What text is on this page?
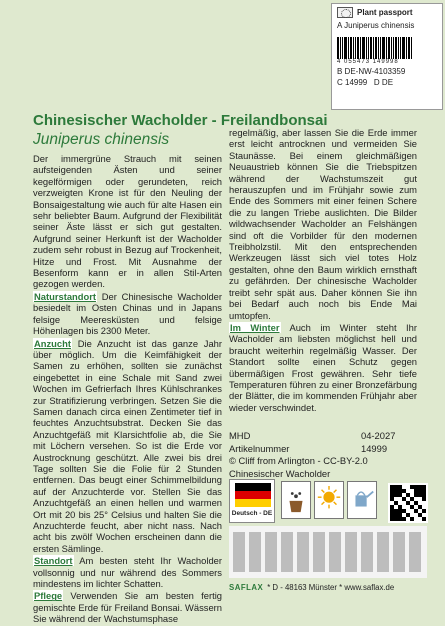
Plant passport
A Juniperus chinensis
4 055473 149998
B DE-NW-4103359
C 14999 D DE
Chinesischer Wacholder - Freilandbonsai
Juniperus chinensis

Der immergrüne Strauch mit seinen aufsteigenden Ästen und seiner kegelförmigen oder gerundeten, reich verzweigten Krone ist für den Neuling der Bonsaigestaltung wie auch für alte Hasen ein sehr beliebter Baum. Aufgrund der Flexibilität seiner Äste lässt er sich gut gestalten. Aufgrund seiner Herkunft ist der Wacholder zudem sehr robust in Bezug auf Trockenheit, Hitze und Frost. Mit Ausnahme der Besenform kann er in allen Stil-Arten gezogen werden.

Naturstandort Der Chinesische Wacholder besiedelt im Osten Chinas und in Japans felsige Meeresküsten und felsige Höhenlagen bis 2300 Meter.

Anzucht Die Anzucht ist das ganze Jahr über möglich. Um die Keimfähigkeit der Samen zu erhöhen, sollten sie zunächst eingebettet in eine Schale mit Sand zwei Wochen im Gefrierfach Ihres Kühlschrankes zur Stratifizierung verbringen. Setzen Sie die Samen danach circa einen Zentimeter tief in feuchtes Anzuchtsubstrat. Decken Sie das Anzuchtgefäß mit Klarsichtfolie ab, die Sie mit Löchern versehen. So ist die Erde vor Austrocknung geschützt. Alle zwei bis drei Tage sollten Sie die Folie für 2 Stunden entfernen. Das beugt einer Schimmelbildung auf der Anzuchterde vor. Stellen Sie das Anzuchtgefäß an einen hellen und warmen Ort mit 20 bis 25° Celsius und halten Sie die Anzuchterde feucht, aber nicht nass. Nach acht bis zwölf Wochen erscheinen dann die ersten Sämlinge.

Standort Am besten steht Ihr Wacholder vollsonnig und nur während des Sommers mindestens im lichter Schatten.

Pflege Verwenden Sie am besten fertig gemischte Erde für Freiland Bonsai. Wässern Sie während der Wachstumsphase

regelmäßig, aber lassen Sie die Erde immer erst leicht antrocknen und vermeiden Sie Staunässe. Bei einem gleichmäßigen Neuaustrieb können Sie die Triebspitzen während der Wachstumszeit gut herauszupfen und im Frühjahr sowie zum Ende des Sommers mit einer feinen Schere die zu langen Triebe auslichten. Die Bilder wildwachsender Wacholder an Felshängen sind oft die Vorbilder für den modernen Treibholzstil. Mit den entsprechenden Werkzeugen lässt sich viel totes Holz gestalten, ohne den Baum wirklich ernsthaft zu gefährden. Der chinesische Wacholder treibt sehr spät aus. Daher können Sie ihn bei Bedarf auch noch bis Ende Mai umtopfen.

Im Winter Auch im Winter steht Ihr Wacholder am liebsten möglichst hell und braucht weiterhin regelmäßig Wasser. Der Standort sollte einen Schutz gegen übermäßigen Frost gewähren. Sehr tiefe Temperaturen führen zu einer Bronzefärbung der Blätter, die im kommenden Frühjahr aber wieder verschwindet.

MHD	04-2027
Artikelnummer	14999
© Cliff from Arlington - CC-BY-2.0
Chinesischer Wacholder
Deutsch - DE
SAFLAX * D - 48163 Münster * www.saflax.de
